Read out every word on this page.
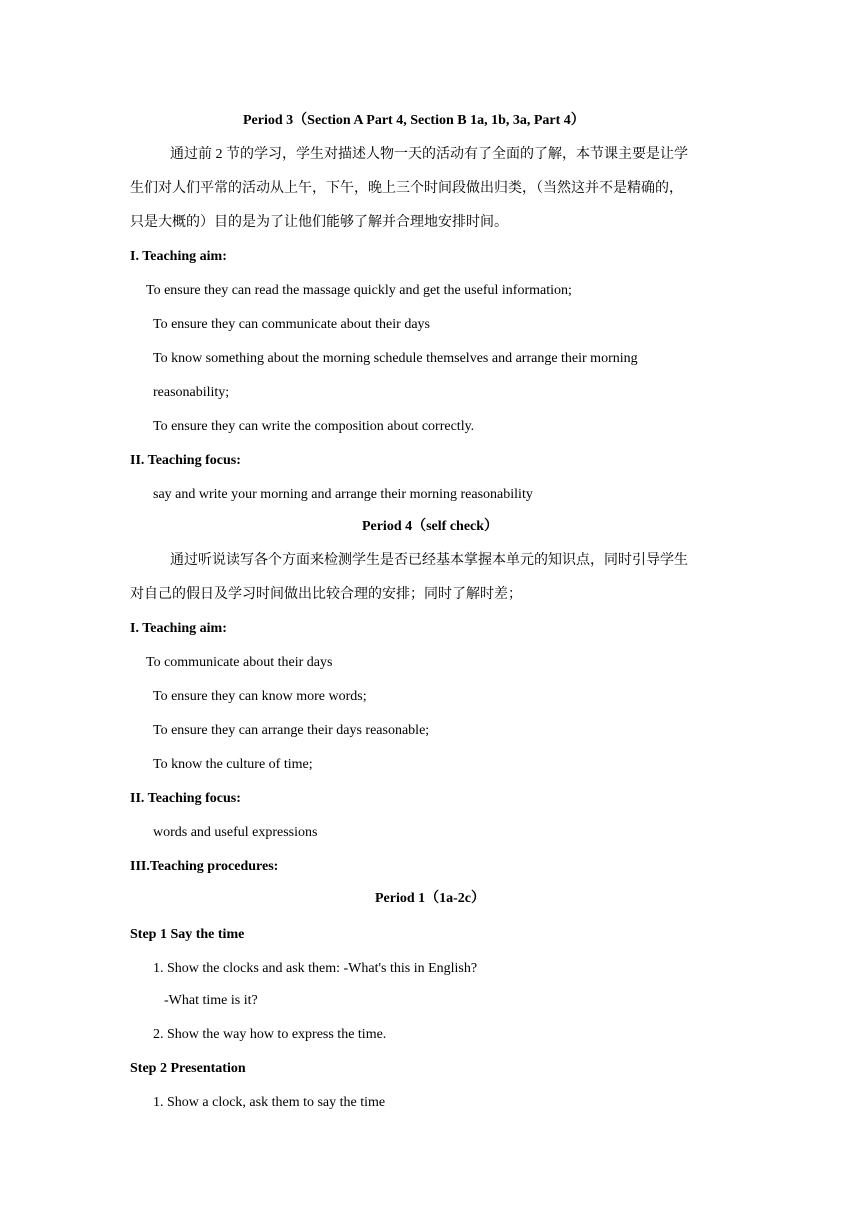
Period 3（Section A Part 4, Section B 1a, 1b, 3a, Part 4）
通过前 2 节的学习，学生对描述人物一天的活动有了全面的了解，本节课主要是让学
生们对人们平常的活动从上午，下午，晚上三个时间段做出归类，（当然这并不是精确的，
只是大概的）目的是为了让他们能够了解并合理地安排时间。
I. Teaching aim:
To ensure they can read the massage quickly and get the useful information;
To ensure they can communicate about their days
To know something about the morning schedule themselves and arrange their morning
reasonability;
To ensure they can write the composition about correctly.
II. Teaching focus:
say and write your morning and arrange their morning reasonability
Period 4（self check）
通过听说读写各个方面来检测学生是否已经基本掌握本单元的知识点，同时引导学生
对自己的假日及学习时间做出比较合理的安排；同时了解时差；
I. Teaching aim:
To communicate about their days
To ensure they can know more words;
To ensure they can arrange their days reasonable;
To know the culture of time;
II. Teaching focus:
words and useful expressions
III.Teaching procedures:
Period 1（1a-2c）
Step 1 Say the time
1. Show the clocks and ask them: -What's this in English?
-What time is it?
2. Show the way how to express the time.
Step 2 Presentation
1. Show a clock, ask them to say the time
